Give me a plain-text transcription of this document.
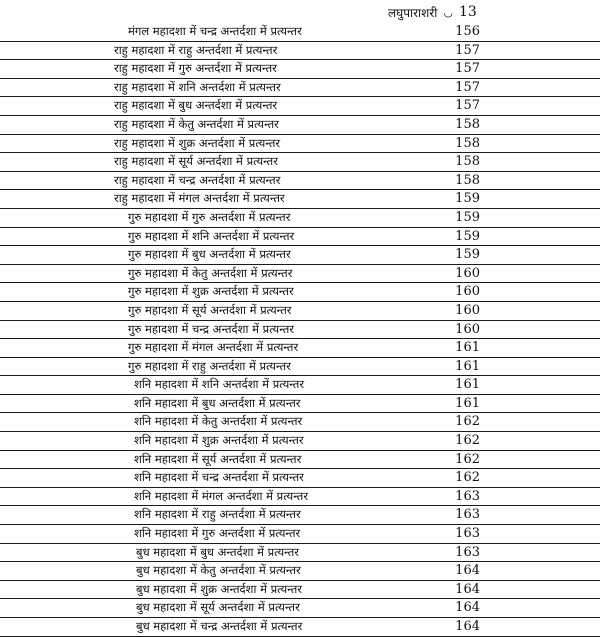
लघुपाराशरी ◡ 13
मंगल महादशा में चन्द्र अन्तर्दशा में प्रत्यन्तर	156
राहु महादशा में राहु अन्तर्दशा में प्रत्यन्तर	157
राहु महादशा में गुरु अन्तर्दशा में प्रत्यन्तर	157
राहु महादशा में शनि अन्तर्दशा में प्रत्यन्तर	157
राहु महादशा में बुध अन्तर्दशा में प्रत्यन्तर	157
राहु महादशा में केतु अन्तर्दशा में प्रत्यन्तर	158
राहु महादशा में शुक्र अन्तर्दशा में प्रत्यन्तर	158
राहु महादशा में सूर्य अन्तर्दशा में प्रत्यन्तर	158
राहु महादशा में चन्द्र अन्तर्दशा में प्रत्यन्तर	158
राहु महादशा में मंगल अन्तर्दशा में प्रत्यन्तर	159
गुरु महादशा में गुरु अन्तर्दशा में प्रत्यन्तर	159
गुरु महादशा में शनि अन्तर्दशा में प्रत्यन्तर	159
गुरु महादशा में बुध अन्तर्दशा में प्रत्यन्तर	159
गुरु महादशा में केतु अन्तर्दशा में प्रत्यन्तर	160
गुरु महादशा में शुक्र अन्तर्दशा में प्रत्यन्तर	160
गुरु महादशा में सूर्य अन्तर्दशा में प्रत्यन्तर	160
गुरु महादशा में चन्द्र अन्तर्दशा में प्रत्यन्तर	160
गुरु महादशा में मंगल अन्तर्दशा में प्रत्यन्तर	161
गुरु महादशा में राहु अन्तर्दशा में प्रत्यन्तर	161
शनि महादशा में शनि अन्तर्दशा में प्रत्यन्तर	161
शनि महादशा में बुध अन्तर्दशा में प्रत्यन्तर	161
शनि महादशा में केतु अन्तर्दशा में प्रत्यन्तर	162
शनि महादशा में शुक्र अन्तर्दशा में प्रत्यन्तर	162
शनि महादशा में सूर्य अन्तर्दशा में प्रत्यन्तर	162
शनि महादशा में चन्द्र अन्तर्दशा में प्रत्यन्तर	162
शनि महादशा में मंगल अन्तर्दशा में प्रत्यन्तर	163
शनि महादशा में राहु अन्तर्दशा में प्रत्यन्तर	163
शनि महादशा में गुरु अन्तर्दशा में प्रत्यन्तर	163
बुध महादशा में बुध अन्तर्दशा में प्रत्यन्तर	163
बुध महादशा में केतु अन्तर्दशा में प्रत्यन्तर	164
बुध महादशा में शुक्र अन्तर्दशा में प्रत्यन्तर	164
बुध महादशा में सूर्य अन्तर्दशा में प्रत्यन्तर	164
बुध महादशा में चन्द्र अन्तर्दशा में प्रत्यन्तर	164
